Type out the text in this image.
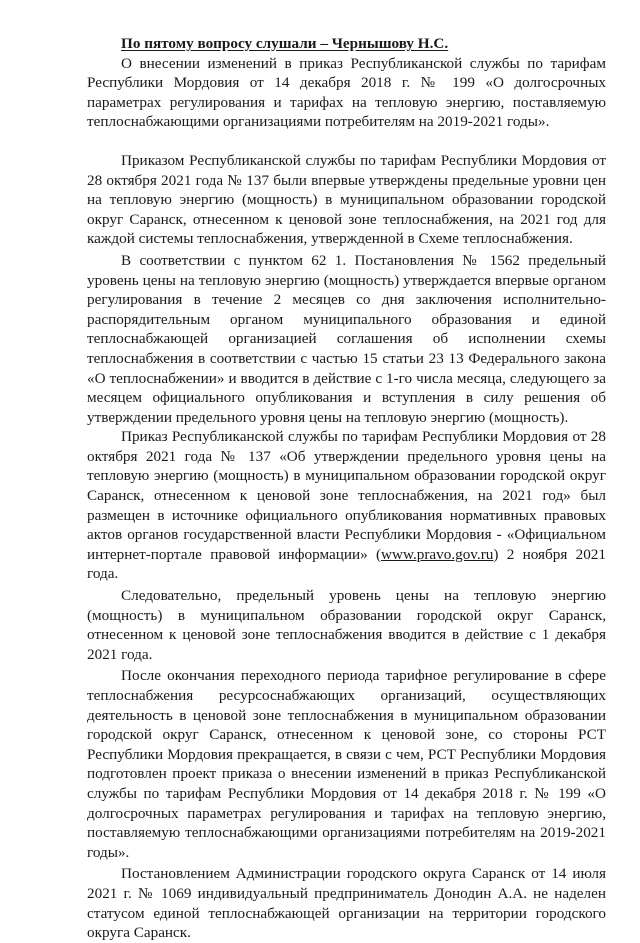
По пятому вопросу слушали – Чернышову Н.С.

О внесении изменений в приказ Республиканской службы по тарифам Республики Мордовия от 14 декабря 2018 г. № 199 «О долгосрочных параметрах регулирования и тарифах на тепловую энергию, поставляемую теплоснабжающими организациями потребителям на 2019-2021 годы».

Приказом Республиканской службы по тарифам Республики Мордовия от 28 октября 2021 года № 137 были впервые утверждены предельные уровни цен на тепловую энергию (мощность) в муниципальном образовании городской округ Саранск, отнесенном к ценовой зоне теплоснабжения, на 2021 год для каждой системы теплоснабжения, утвержденной в Схеме теплоснабжения.

В соответствии с пунктом 62 1. Постановления № 1562 предельный уровень цены на тепловую энергию (мощность) утверждается впервые органом регулирования в течение 2 месяцев со дня заключения исполнительно-распорядительным органом муниципального образования и единой теплоснабжающей организацией соглашения об исполнении схемы теплоснабжения в соответствии с частью 15 статьи 23 13 Федерального закона «О теплоснабжении» и вводится в действие с 1-го числа месяца, следующего за месяцем официального опубликования и вступления в силу решения об утверждении предельного уровня цены на тепловую энергию (мощность).

Приказ Республиканской службы по тарифам Республики Мордовия от 28 октября 2021 года № 137 «Об утверждении предельного уровня цены на тепловую энергию (мощность) в муниципальном образовании городской округ Саранск, отнесенном к ценовой зоне теплоснабжения, на 2021 год» был размещен в источнике официального опубликования нормативных правовых актов органов государственной власти Республики Мордовия - «Официальном интернет-портале правовой информации» (www.pravo.gov.ru) 2 ноября 2021 года.

Следовательно, предельный уровень цены на тепловую энергию (мощность) в муниципальном образовании городской округ Саранск, отнесенном к ценовой зоне теплоснабжения вводится в действие с 1 декабря 2021 года.

После окончания переходного периода тарифное регулирование в сфере теплоснабжения ресурсоснабжающих организаций, осуществляющих деятельность в ценовой зоне теплоснабжения в муниципальном образовании городской округ Саранск, отнесенном к ценовой зоне, со стороны РСТ Республики Мордовия прекращается, в связи с чем, РСТ Республики Мордовия подготовлен проект приказа о внесении изменений в приказ Республиканской службы по тарифам Республики Мордовия от 14 декабря 2018 г. № 199 «О долгосрочных параметрах регулирования и тарифах на тепловую энергию, поставляемую теплоснабжающими организациями потребителям на 2019-2021 годы».

Постановлением Администрации городского округа Саранск от 14 июля 2021 г. № 1069 индивидуальный предприниматель Донодин А.А. не наделен статусом единой теплоснабжающей организации на территории городского округа Саранск.
